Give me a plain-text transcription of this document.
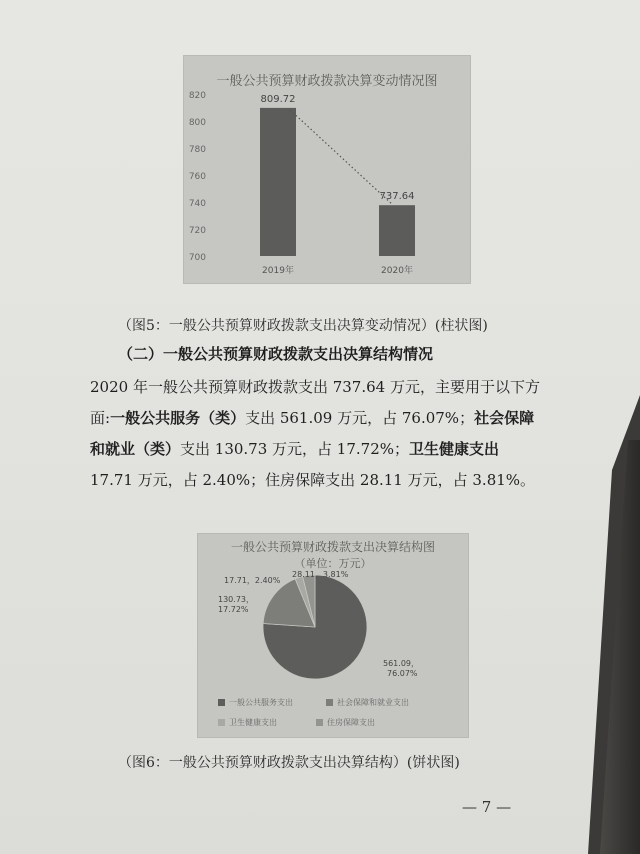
一般公共预算财政拨款决算变动情况图
820
800
780
760
740
720
700
809.72
2019年
737.64
2020年
（图5：一般公共预算财政拨款支出决算变动情况）(柱状图)
（二）一般公共预算财政拨款支出决算结构情况
2020 年一般公共预算财政拨款支出 737.64 万元，主要用于以下方面:一般公共服务（类）支出 561.09 万元，占 76.07%；社会保障和就业（类）支出 130.73 万元，占 17.72%；卫生健康支出 17.71 万元，占 2.40%；住房保障支出 28.11 万元，占 3.81%。
一般公共预算财政拨款支出决算结构图
（单位：万元）
561.09， 76.07%
130.73， 17.72%
17.71，2.40%
28.11，3.81%
一般公共服务支出	社会保障和就业支出
卫生健康支出	住房保障支出
（图6：一般公共预算财政拨款支出决算结构）(饼状图)
— 7 —
